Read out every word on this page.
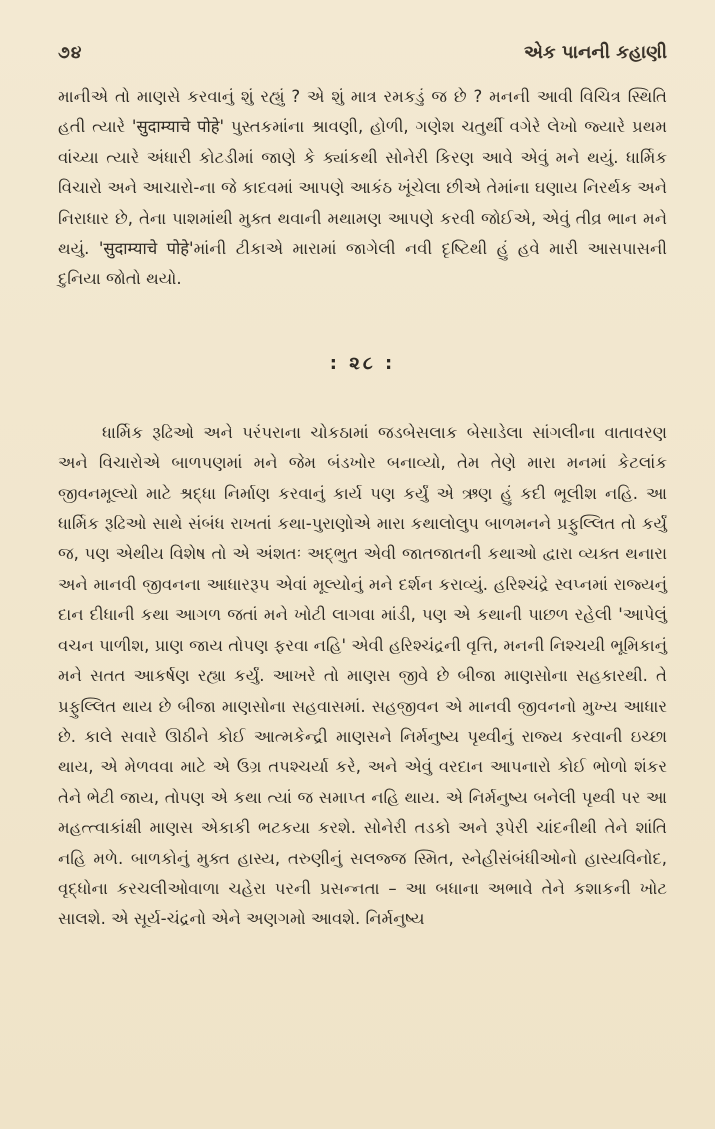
૭૪	એક પાનની કહાણી

માનીએ તો માણસે કરવાનું શું રહ્યું ? એ શું માત્ર રમકડું જ છે ? મનની આવી વિચિત્ર સ્થિતિ હતી ત્યારે 'सुदाम्याचे पोहे' પુસ્તકમાંના શ્રાવણી, હોળી, ગણેશ ચતુર્થી વગેરે લેખો જ્યારે પ્રથમ વાંચ્યા ત્યારે અંધારી કોટડીમાં જાણે કે ક્યાંકથી સોનેરી કિરણ આવે એવું મને થયું. ધાર્મિક વિચારો અને આચારો-ના જે કાદવમાં આપણે આકંઠ ખૂંચેલા છીએ તેમાંના ઘણાય નિરર્થક અને નિરાધાર છે, તેના પાશમાંથી મુક્ત થવાની મથામણ આપણે કરવી જોઈએ, એવું તીવ્ર ભાન મને થયું. 'सुदाम्याचे पोहे'માંની ટીકાએ મારામાં જાગેલી નવી દૃષ્ટિથી હું હવે મારી આસપાસની દુનિયા જોતો થયો.

: ૨૮ :

ધાર્મિક રૂઢિઓ અને પરંપરાના ચોકઠામાં જડબેસલાક બેસાડેલા સાંગલીના વાતાવરણ અને વિચારોએ બાળપણમાં મને જેમ બંડખોર બનાવ્યો, તેમ તેણે મારા મનમાં કેટલાંક જીવનમૂલ્યો માટે શ્રદ્ધા નિર્માણ કરવાનું કાર્ય પણ કર્યું એ ઋણ હું કદી ભૂલીશ નહિ. આ ધાર્મિક રૂઢિઓ સાથે સંબંધ રાખતાં કથા-પુરાણોએ મારા કથાલોલુપ બાળમનને પ્રફુલ્લિત તો કર્યું જ, પણ એથીય વિશેષ તો એ અંશતઃ અદ્ભુત એવી જાતજાતની કથાઓ દ્વારા વ્યક્ત થનારા અને માનવી જીવનના આધારરૂપ એવાં મૂલ્યોનું મને દર્શન કરાવ્યું. હરિશ્ચંદ્રે સ્વપ્નમાં રાજ્યનું દાન દીધાની કથા આગળ જતાં મને ખોટી લાગવા માંડી, પણ એ કથાની પાછળ રહેલી 'આપેલું વચન પાળીશ, પ્રાણ જાય તોપણ ફરવા નહિ' એવી હરિશ્ચંદ્રની વૃત્તિ, મનની નિશ્ચયી ભૂમિકાનું મને સતત આકર્ષણ રહ્યા કર્યું. આખરે તો માણસ જીવે છે બીજા માણસોના સહકારથી. તે પ્રફુલ્લિત થાય છે બીજા માણસોના સહવાસમાં. સહજીવન એ માનવી જીવનનો મુખ્ય આધાર છે. કાલે સવારે ઊઠીને કોઈ આત્મકેન્દ્રી માણસને નિર્મનુષ્ય પૃથ્વીનું રાજ્ય કરવાની ઇચ્છા થાય, એ મેળવવા માટે એ ઉગ્ર તપશ્ચર્યા કરે, અને એવું વરદાન આપનારો કોઈ ભોળો શંકર તેને ભેટી જાય, તોપણ એ કથા ત્યાં જ સમાપ્ત નહિ થાય. એ નિર્મનુષ્ય બનેલી પૃથ્વી પર આ મહત્ત્વાકાંક્ષી માણસ એકાકી ભટકયા કરશે. સોનેરી તડકો અને રૂપેરી ચાંદનીથી તેને શાંતિ નહિ મળે. બાળકોનું મુક્ત હાસ્ય, તરુણીનું સલજ્જ સ્મિત, સ્નેહીસંબંધીઓનો હાસ્યવિનોદ, વૃદ્ધોના કરચલીઓવાળા ચહેરા પરની પ્રસન્નતા – આ બધાના અભાવે તેને કશાકની ખોટ સાલશે. એ સૂર્ય-ચંદ્રનો એને અણગમો આવશે. નિર્મનુષ્ય
